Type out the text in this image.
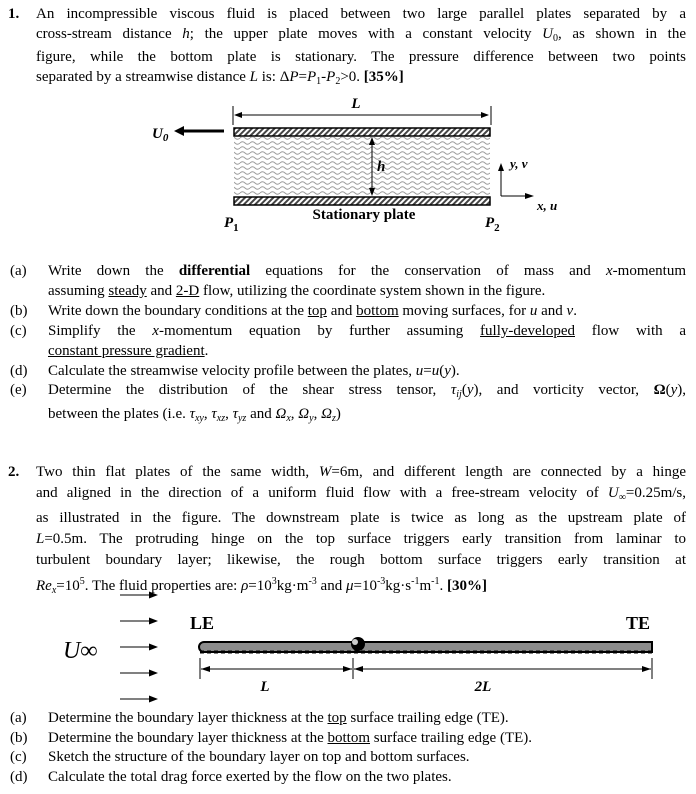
1.	An incompressible viscous fluid is placed between two large parallel plates separated by a
cross-stream distance h; the upper plate moves with a constant velocity $U_0$, as shown in the
figure, while the bottom plate is stationary. The pressure difference between two points
separated by a streamwise distance L is: $\Delta P=P_1-P_2>0$. [35%]
(a)	Write down the differential equations for the conservation of mass and x-momentum
assuming steady and 2-D flow, utilizing the coordinate system shown in the figure.
(b)	Write down the boundary conditions at the top and bottom moving surfaces, for u and v.
(c)	Simplify the x-momentum equation by further assuming fully-developed flow with a
constant pressure gradient.
(d)	Calculate the streamwise velocity profile between the plates, u=u(y).
(e)	Determine the distribution of the shear stress tensor, $\tau_{ij}(y)$, and vorticity vector, Ω(y),
between the plates (i.e. $\tau_{xy}$, $\tau_{xz}$, $\tau_{yz}$ and $\Omega_x$, $\Omega_y$, $\Omega_z$)
2.	Two thin flat plates of the same width, W=6m, and different length are connected by a hinge
and aligned in the direction of a uniform fluid flow with a free-stream velocity of $U_\infty=0.25m/s$,
as illustrated in the figure. The downstream plate is twice as long as the upstream plate of
L=0.5m. The protruding hinge on the top surface triggers early transition from laminar to
turbulent boundary layer; likewise, the rough bottom surface triggers early transition at
$Re_x=10^5$. The fluid properties are: $\rho=10^3kg\cdot m^{-3}$ and $\mu=10^{-3}kg\cdot s^{-1}m^{-1}$. [30%]
(a)	Determine the boundary layer thickness at the top surface trailing edge (TE).
(b)	Determine the boundary layer thickness at the bottom surface trailing edge (TE).
(c)	Sketch the structure of the boundary layer on top and bottom surfaces.
(d)	Calculate the total drag force exerted by the flow on the two plates.
L
$U_0$
h	y, v
x, u
Stationary plate
$P_1$	$P_2$
U∞
LE	TE
L	2L
